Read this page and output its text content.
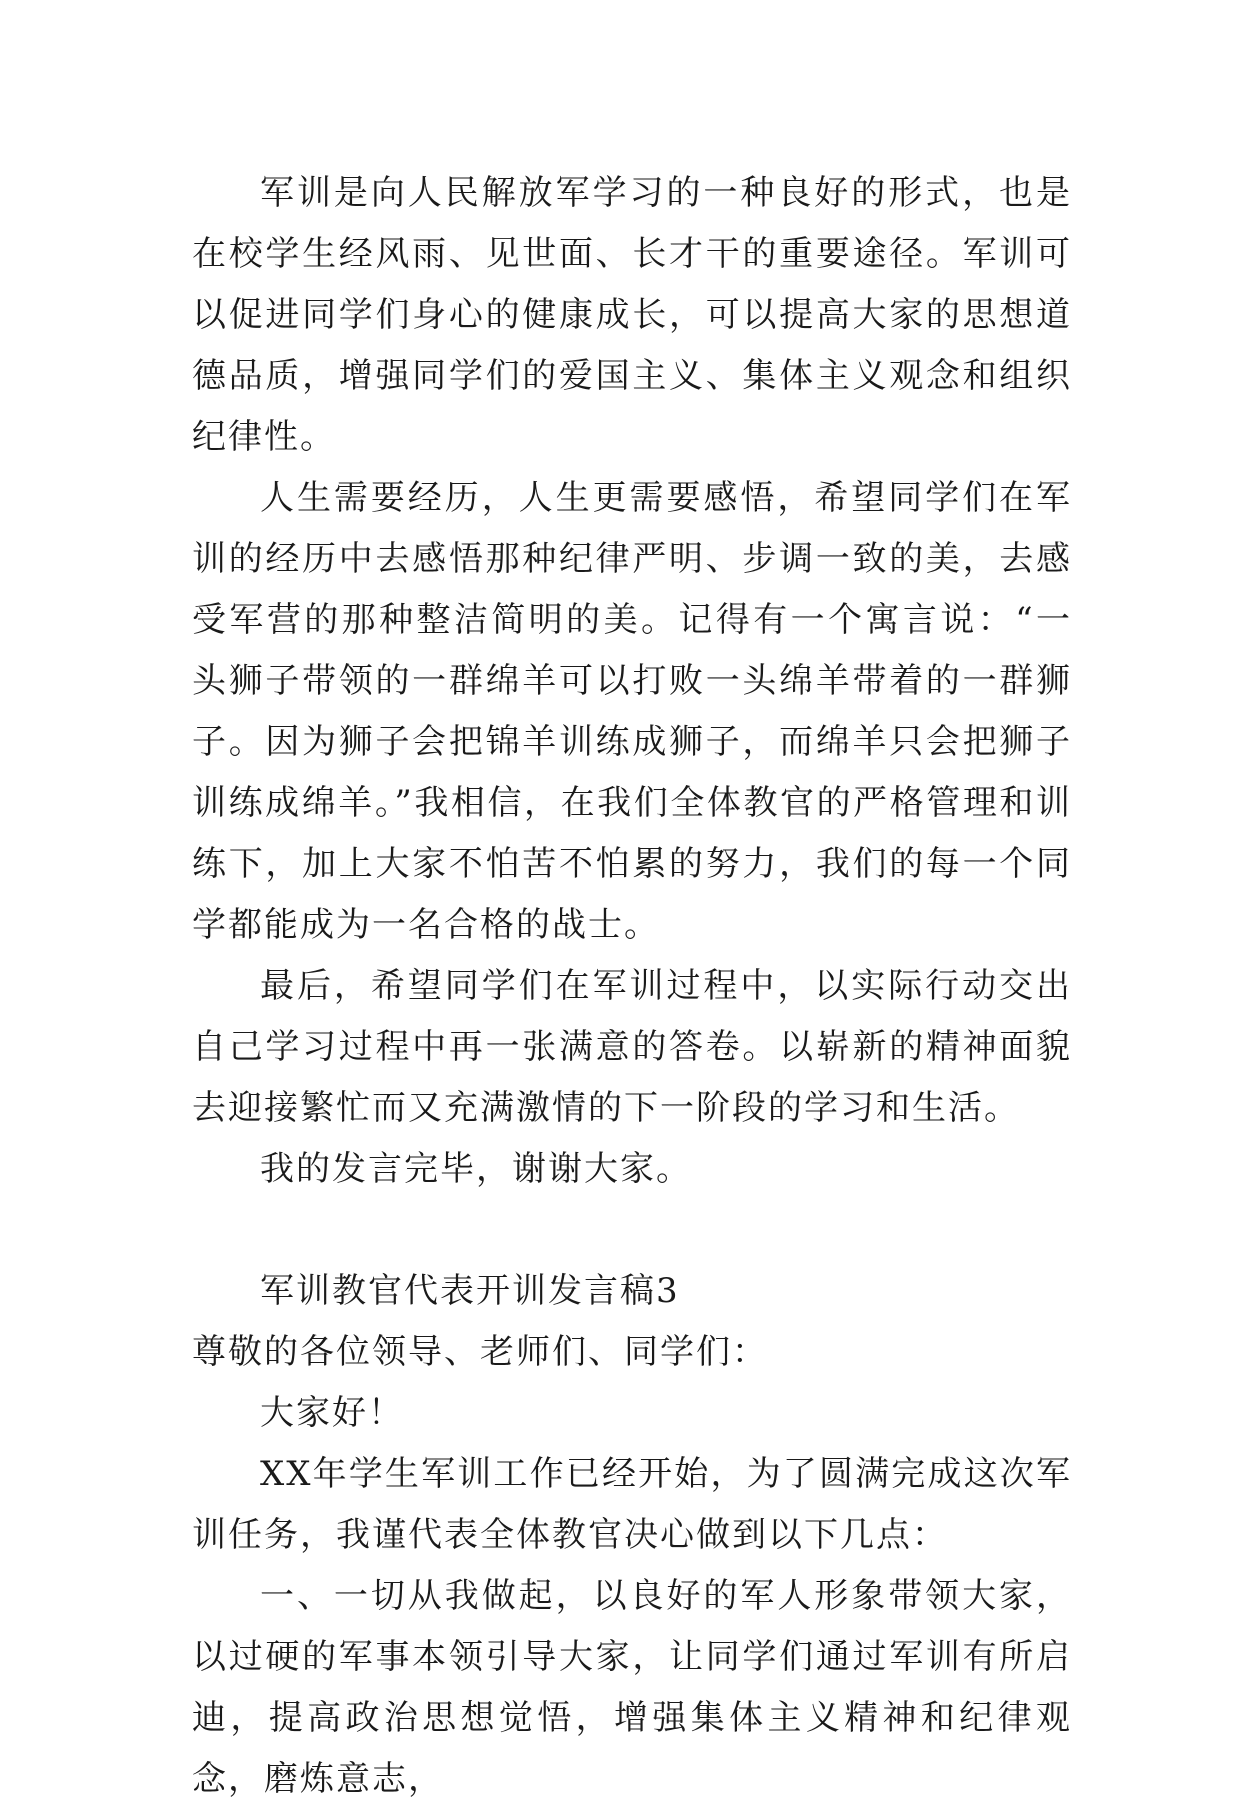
军训是向人民解放军学习的一种良好的形式，也是在校学生经风雨、见世面、长才干的重要途径。军训可以促进同学们身心的健康成长，可以提高大家的思想道德品质，增强同学们的爱国主义、集体主义观念和组织纪律性。

人生需要经历，人生更需要感悟，希望同学们在军训的经历中去感悟那种纪律严明、步调一致的美，去感受军营的那种整洁简明的美。记得有一个寓言说：“一头狮子带领的一群绵羊可以打败一头绵羊带着的一群狮子。因为狮子会把锦羊训练成狮子，而绵羊只会把狮子训练成绵羊。”我相信，在我们全体教官的严格管理和训练下，加上大家不怕苦不怕累的努力，我们的每一个同学都能成为一名合格的战士。

最后，希望同学们在军训过程中，以实际行动交出自己学习过程中再一张满意的答卷。以崭新的精神面貌去迎接繁忙而又充满激情的下一阶段的学习和生活。

我的发言完毕，谢谢大家。

军训教官代表开训发言稿3

尊敬的各位领导、老师们、同学们：

大家好！

XX年学生军训工作已经开始，为了圆满完成这次军训任务，我谨代表全体教官决心做到以下几点：

一、一切从我做起，以良好的军人形象带领大家，以过硬的军事本领引导大家，让同学们通过军训有所启迪，提高政治思想觉悟，增强集体主义精神和纪律观念，磨炼意志，
